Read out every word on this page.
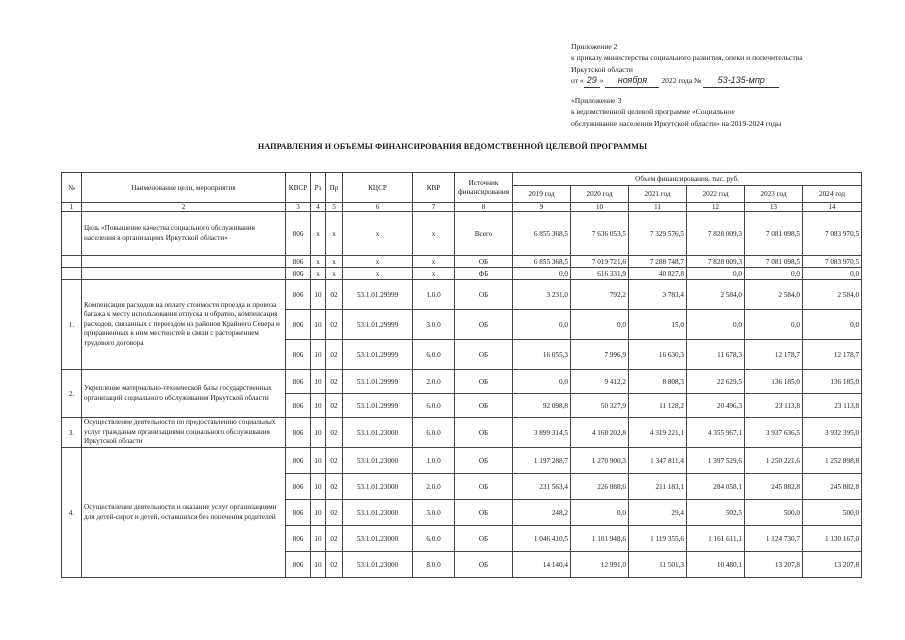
Приложение 2
к приказу министерства социального развития, опеки и попечительства
Иркутской области
от « 29 » ноября 2022 года № 53-135-мпр
«Приложение 3
к ведомственной целевой программе «Социальное
обслуживание населения Иркутской области» на 2019-2024 годы
НАПРАВЛЕНИЯ И ОБЪЕМЫ ФИНАНСИРОВАНИЯ ВЕДОМСТВЕННОЙ ЦЕЛЕВОЙ ПРОГРАММЫ
№	Наименование цели, мероприятия	КВСР	Рз	Пр	КЦСР	КВР	Источник финансирования	Объем финансирования, тыс. руб.					
								2019 год	2020 год	2021 год	2022 год	2023 год	2024 год
1	2	3	4	5	6	7	8	9	10	11	12	13	14
	Цель «Повышение качества социального обслуживания населения в организациях Иркутской области»	806	х	х	х	х	Всего	6 855 368,5	7 636 053,5	7 329 576,5	7 828 009,3	7 081 098,5	7 083 970,5
		806	х	х	х	х	ОБ	6 855 368,5	7 019 721,6	7 288 748,7	7 828 009,3	7 081 098,5	7 083 970,5
		806	х	х	х	х	ФБ	0,0	616 331,9	40 827,8	0,0	0,0	0,0
1.	Компенсация расходов на оплату стоимости проезда и провоза багажа к месту использования отпуска и обратно, компенсация расходов, связанных с переездом из районов Крайнего Севера и приравненных к ним местностей в связи с расторжением трудового договора	806	10	02	53.1.01.29999	1.0.0	ОБ	3 231,0	792,2	3 783,4	2 584,0	2 584,0	2 584,0
		806	10	02	53.1.01.29999	3.0.0	ОБ	0,0	0,0	15,0	0,0	0,0	0,0
		806	10	02	53.1.01.29999	6.0.0	ОБ	16 055,3	7 996,9	16 630,3	11 678,3	12 178,7	12 178,7
2.	Укрепление материально-технической базы государственных организаций социального обслуживания Иркутской области	806	10	02	53.1.01.29999	2.0.0	ОБ	0,0	9 412,2	8 808,3	22 629,5	136 185,0	136 185,0
		806	10	02	53.1.01.29999	6.0.0	ОБ	92 098,8	50 327,9	11 128,2	20 496,3	23 113,8	23 113,8
3.	Осуществление деятельности по предоставлению социальных услуг гражданам организациями социального обслуживания Иркутской области	806	10	02	53.1.01.23000	6.0.0	ОБ	3 899 314,5	4 168 202,8	4 319 221,1	4 355 967,1	3 937 636,5	3 932 395,0
4.	Осуществление деятельности и оказание услуг организациями для детей-сирот и детей, оставшихся без попечения родителей	806	10	02	53.1.01.23000	1.0.0	ОБ	1 197 288,7	1 270 900,3	1 347 811,4	1 397 529,6	1 250 221,6	1 252 898,8
		806	10	02	53.1.01.23000	2.0.0	ОБ	231 563,4	226 888,6	211 183,1	284 058,1	245 882,8	245 882,8
		806	10	02	53.1.01.23000	3.0.0	ОБ	248,2	0,0	29,4	502,5	500,0	500,0
		806	10	02	53.1.01.23000	6.0.0	ОБ	1 046 410,5	1 101 948,6	1 119 355,6	1 161 611,1	1 124 730,7	1 130 167,0
		806	10	02	53.1.01.23000	8.0.0	ОБ	14 140,4	12 991,0	11 501,3	10 480,1	13 207,8	13 207,8
